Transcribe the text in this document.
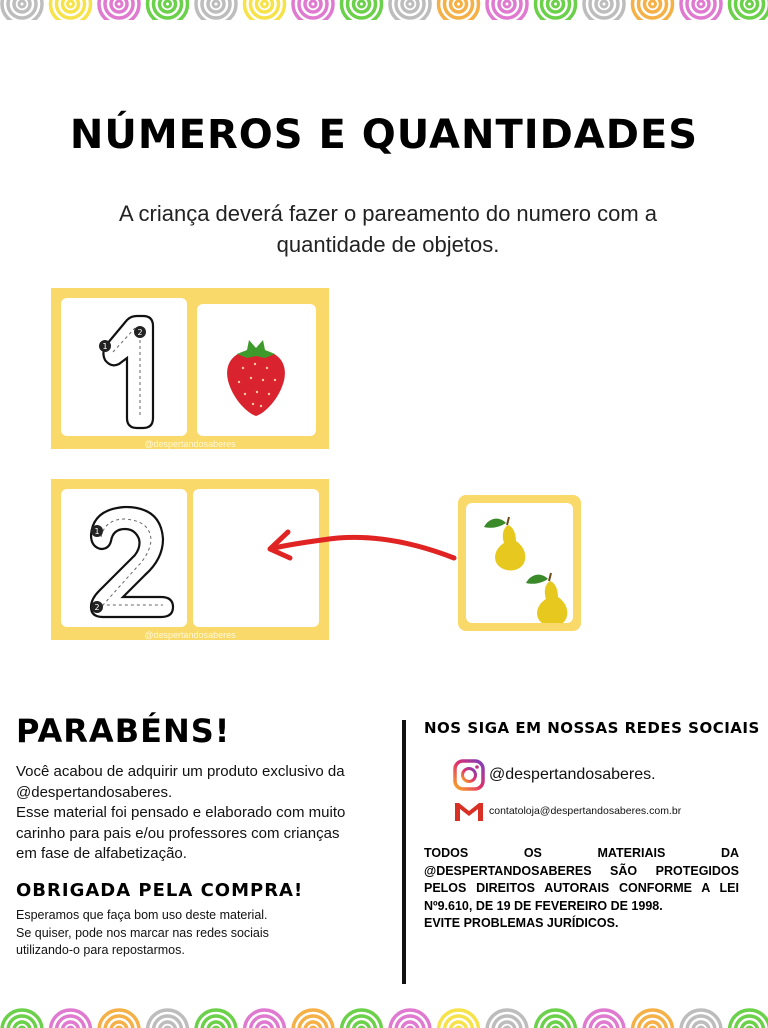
NÚMEROS E QUANTIDADES
A criança deverá fazer o pareamento do numero com a
quantidade de objetos.
1
2
@despertandosaberes
1
2
@despertandosaberes
PARABÉNS!
Você acabou de adquirir um produto exclusivo da
@despertandosaberes.
Esse material foi pensado e elaborado com muito
carinho para pais e/ou professores com crianças
em fase de alfabetização.
OBRIGADA PELA COMPRA!
Esperamos que faça bom uso deste material.
Se quiser, pode nos marcar nas redes sociais
utilizando-o para repostarmos.
NOS SIGA EM NOSSAS REDES SOCIAIS
@despertandosaberes.
contatoloja@despertandosaberes.com.br
TODOS OS MATERIAIS DA
@DESPERTANDOSABERES SÃO PROTEGIDOS
PELOS DIREITOS AUTORAIS CONFORME A LEI
Nº9.610, DE 19 DE FEVEREIRO DE 1998.
EVITE PROBLEMAS JURÍDICOS.
